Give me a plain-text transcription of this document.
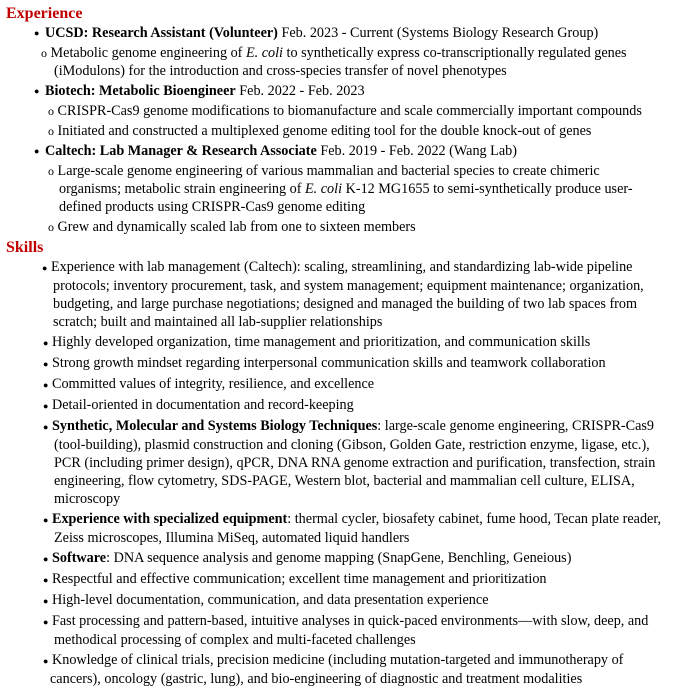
Experience
● UCSD: Research Assistant (Volunteer) Feb. 2023 - Current (Systems Biology Research Group)
o Metabolic genome engineering of E. coli to synthetically express co-transcriptionally regulated genes (iModulons) for the introduction and cross-species transfer of novel phenotypes
● Biotech: Metabolic Bioengineer Feb. 2022 - Feb. 2023
o CRISPR-Cas9 genome modifications to biomanufacture and scale commercially important compounds
o Initiated and constructed a multiplexed genome editing tool for the double knock-out of genes
● Caltech: Lab Manager & Research Associate Feb. 2019 - Feb. 2022 (Wang Lab)
o Large-scale genome engineering of various mammalian and bacterial species to create chimeric organisms; metabolic strain engineering of E. coli K-12 MG1655 to semi-synthetically produce user-defined products using CRISPR-Cas9 genome editing
o Grew and dynamically scaled lab from one to sixteen members
Skills
● Experience with lab management (Caltech): scaling, streamlining, and standardizing lab-wide pipeline protocols; inventory procurement, task, and system management; equipment maintenance; organization, budgeting, and large purchase negotiations; designed and managed the building of two lab spaces from scratch; built and maintained all lab-supplier relationships
● Highly developed organization, time management and prioritization, and communication skills
● Strong growth mindset regarding interpersonal communication skills and teamwork collaboration
● Committed values of integrity, resilience, and excellence
● Detail-oriented in documentation and record-keeping
● Synthetic, Molecular and Systems Biology Techniques: large-scale genome engineering, CRISPR-Cas9 (tool-building), plasmid construction and cloning (Gibson, Golden Gate, restriction enzyme, ligase, etc.), PCR (including primer design), qPCR, DNA RNA genome extraction and purification, transfection, strain engineering, flow cytometry, SDS-PAGE, Western blot, bacterial and mammalian cell culture, ELISA, microscopy
● Experience with specialized equipment: thermal cycler, biosafety cabinet, fume hood, Tecan plate reader, Zeiss microscopes, Illumina MiSeq, automated liquid handlers
● Software: DNA sequence analysis and genome mapping (SnapGene, Benchling, Geneious)
● Respectful and effective communication; excellent time management and prioritization
● High-level documentation, communication, and data presentation experience
● Fast processing and pattern-based, intuitive analyses in quick-paced environments—with slow, deep, and methodical processing of complex and multi-faceted challenges
● Knowledge of clinical trials, precision medicine (including mutation-targeted and immunotherapy of cancers), oncology (gastric, lung), and bio-engineering of diagnostic and treatment modalities
